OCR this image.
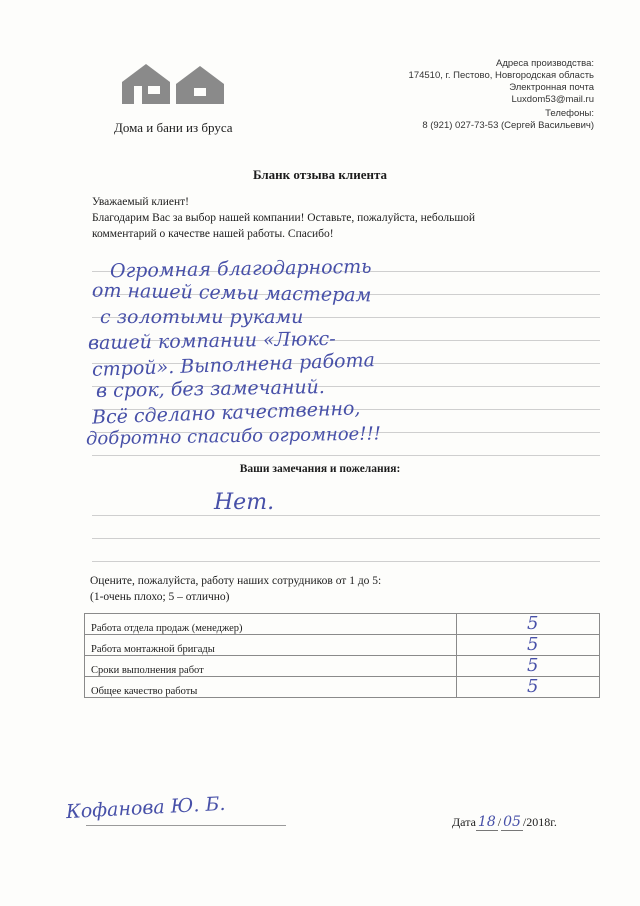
Дома и бани из бруса
Адреса производства:
174510, г. Пестово, Новгородская область
Электронная почта
Luxdom53@mail.ru
Телефоны:
8 (921) 027-73-53 (Сергей Васильевич)
Бланк отзыва клиента
Уважаемый клиент!
Благодарим Вас за выбор нашей компании! Оставьте, пожалуйста, небольшой
комментарий о качестве нашей работы. Спасибо!
Огромная благодарность
от нашей семьи мастерам
с золотыми руками
вашей компании «Люкс-
строй». Выполнена работа
в срок, без замечаний.
Всё сделано качественно,
добротно спасибо огромное!!!
Ваши замечания и пожелания:
Нет.
Оцените, пожалуйста, работу наших сотрудников от 1 до 5:
(1-очень плохо; 5 – отлично)
Работа отдела продаж (менеджер)	5

Работа монтажной бригады	5

Сроки выполнения работ	5

Общее качество работы	5
Кофанова Ю. Б.	Дата 18 / 05 /2018г.
